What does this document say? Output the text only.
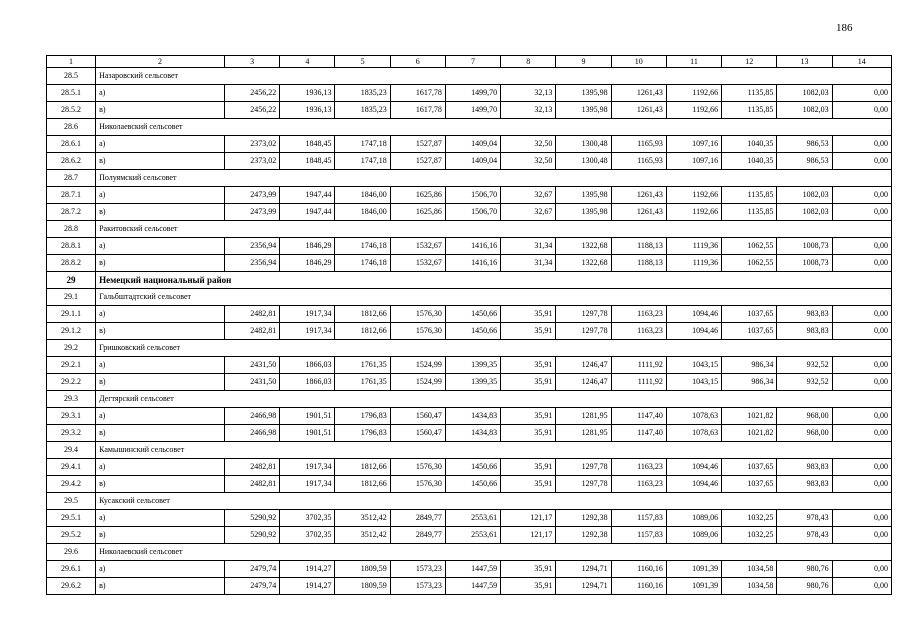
186
1	2	3	4	5	6	7	8	9	10	11	12	13	14
28.5	Назаровский сельсовет												
28.5.1	а)	2456,22	1936,13	1835,23	1617,78	1499,70	32,13	1395,98	1261,43	1192,66	1135,85	1082,03	0,00
28.5.2	в)	2456,22	1936,13	1835,23	1617,78	1499,70	32,13	1395,98	1261,43	1192,66	1135,85	1082,03	0,00
28.6	Николаевский сельсовет												
28.6.1	а)	2373,02	1848,45	1747,18	1527,87	1409,04	32,50	1300,48	1165,93	1097,16	1040,35	986,53	0,00
28.6.2	в)	2373,02	1848,45	1747,18	1527,87	1409,04	32,50	1300,48	1165,93	1097,16	1040,35	986,53	0,00
28.7	Полуямский сельсовет												
28.7.1	а)	2473,99	1947,44	1846,00	1625,86	1506,70	32,67	1395,98	1261,43	1192,66	1135,85	1082,03	0,00
28.7.2	в)	2473,99	1947,44	1846,00	1625,86	1506,70	32,67	1395,98	1261,43	1192,66	1135,85	1082,03	0,00
28.8	Ракитовский сельсовет												
28.8.1	а)	2356,94	1846,29	1746,18	1532,67	1416,16	31,34	1322,68	1188,13	1119,36	1062,55	1008,73	0,00
28.8.2	в)	2356,94	1846,29	1746,18	1532,67	1416,16	31,34	1322,68	1188,13	1119,36	1062,55	1008,73	0,00
29	Немецкий национальный район												
29.1	Гальбштадтский сельсовет												
29.1.1	а)	2482,81	1917,34	1812,66	1576,30	1450,66	35,91	1297,78	1163,23	1094,46	1037,65	983,83	0,00
29.1.2	в)	2482,81	1917,34	1812,66	1576,30	1450,66	35,91	1297,78	1163,23	1094,46	1037,65	983,83	0,00
29.2	Гришковский сельсовет												
29.2.1	а)	2431,50	1866,03	1761,35	1524,99	1399,35	35,91	1246,47	1111,92	1043,15	986,34	932,52	0,00
29.2.2	в)	2431,50	1866,03	1761,35	1524,99	1399,35	35,91	1246,47	1111,92	1043,15	986,34	932,52	0,00
29.3	Дегтярский сельсовет												
29.3.1	а)	2466,98	1901,51	1796,83	1560,47	1434,83	35,91	1281,95	1147,40	1078,63	1021,82	968,00	0,00
29.3.2	в)	2466,98	1901,51	1796,83	1560,47	1434,83	35,91	1281,95	1147,40	1078,63	1021,82	968,00	0,00
29.4	Камышинский сельсовет												
29.4.1	а)	2482,81	1917,34	1812,66	1576,30	1450,66	35,91	1297,78	1163,23	1094,46	1037,65	983,83	0,00
29.4.2	в)	2482,81	1917,34	1812,66	1576,30	1450,66	35,91	1297,78	1163,23	1094,46	1037,65	983,83	0,00
29.5	Кусакский сельсовет												
29.5.1	а)	5290,92	3702,35	3512,42	2849,77	2553,61	121,17	1292,38	1157,83	1089,06	1032,25	978,43	0,00
29.5.2	в)	5290,92	3702,35	3512,42	2849,77	2553,61	121,17	1292,38	1157,83	1089,06	1032,25	978,43	0,00
29.6	Николаевский сельсовет												
29.6.1	а)	2479,74	1914,27	1809,59	1573,23	1447,59	35,91	1294,71	1160,16	1091,39	1034,58	980,76	0,00
29.6.2	в)	2479,74	1914,27	1809,59	1573,23	1447,59	35,91	1294,71	1160,16	1091,39	1034,58	980,76	0,00
